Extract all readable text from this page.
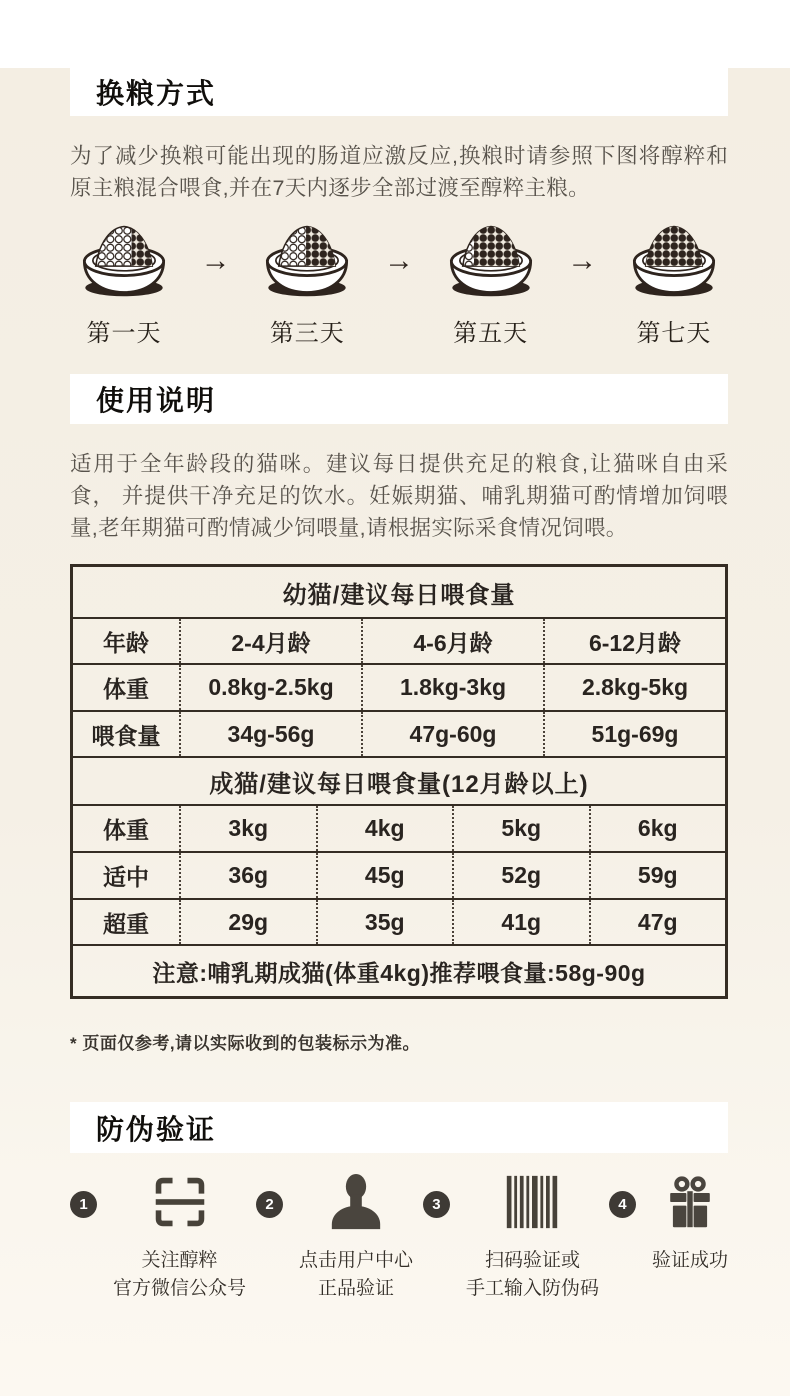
换粮方式

为了减少换粮可能出现的肠道应激反应,换粮时请参照下图将醇粹和原主粮混合喂食,并在7天内逐步全部过渡至醇粹主粮。

第一天
→
第三天
→
第五天
→
第七天
使用说明

适用于全年龄段的猫咪。建议每日提供充足的粮食,让猫咪自由采食， 并提供干净充足的饮水。妊娠期猫、哺乳期猫可酌情增加饲喂量,老年期猫可酌情减少饲喂量,请根据实际采食情况饲喂。

幼猫/建议每日喂食量
年龄	2-4月龄	4-6月龄	6-12月龄
体重	0.8kg-2.5kg	1.8kg-3kg	2.8kg-5kg
喂食量	34g-56g	47g-60g	51g-69g
成猫/建议每日喂食量(12月龄以上)
体重	3kg	4kg	5kg	6kg
适中	36g	45g	52g	59g
超重	29g	35g	41g	47g
注意:哺乳期成猫(体重4kg)推荐喂食量:58g-90g

* 页面仅参考,请以实际收到的包装标示为准。

防伪验证
1
关注醇粹
官方微信公众号
2
点击用户中心
正品验证
3
扫码验证或
手工输入防伪码
4
验证成功
